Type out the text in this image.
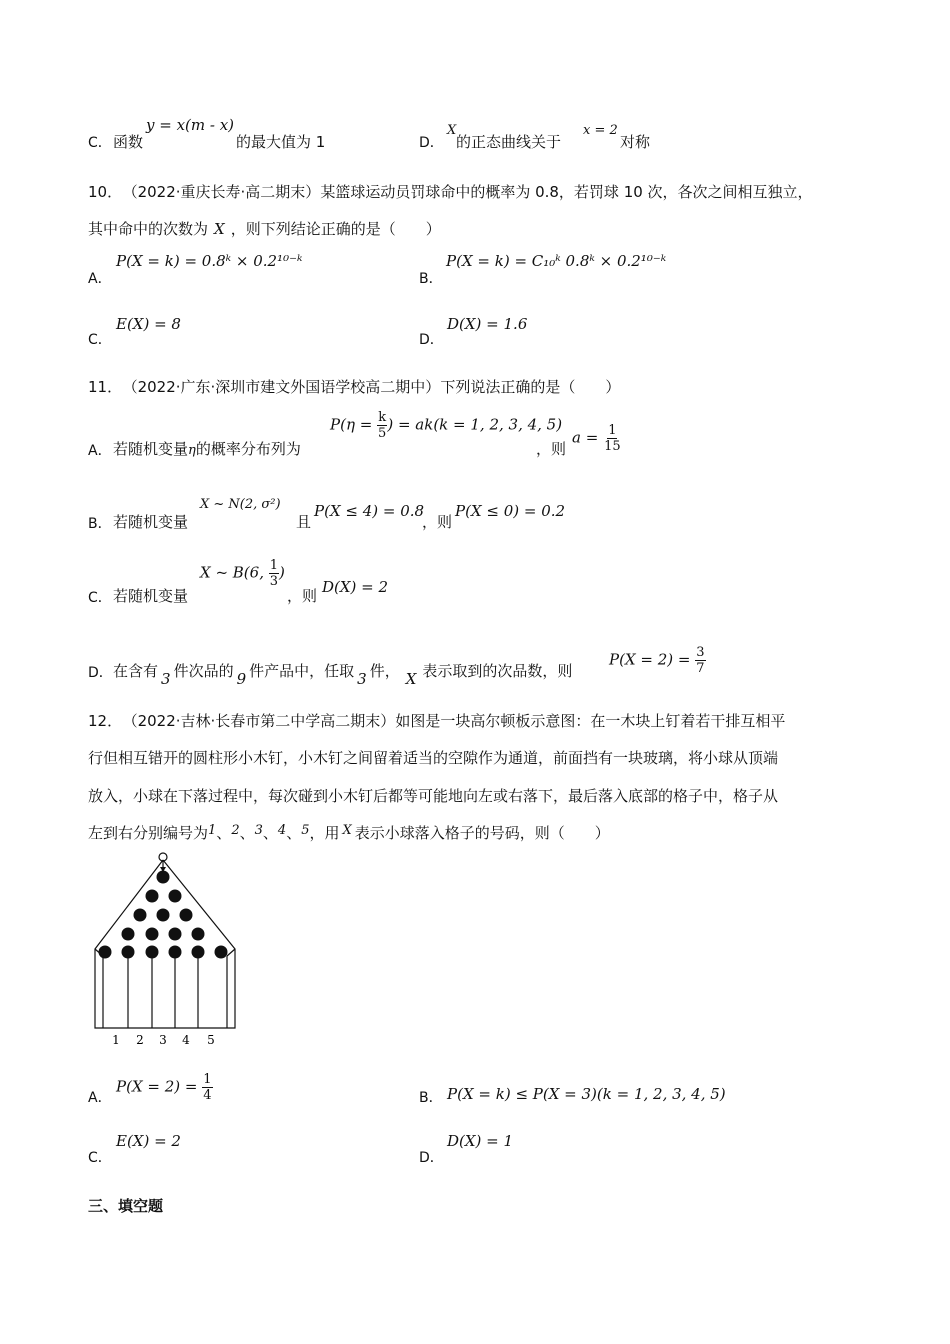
C． 函数
y = x(m - x)
的最大值为 1	D．
X
的正态曲线关于
x = 2
对称
10． （2022·重庆长寿·高二期末）某篮球运动员罚球命中的概率为 0.8，若罚球 10 次，各次之间相互独立，
其中命中的次数为 X ，则下列结论正确的是（　　）
A．
P(X = k) = 0.8ᵏ × 0.2¹⁰⁻ᵏ
B．
P(X = k) = C₁₀ᵏ 0.8ᵏ × 0.2¹⁰⁻ᵏ
C．
E(X) = 8
D．
D(X) = 1.6
11． （2022·广东·深圳市建文外国语学校高二期中）下列说法正确的是（　　）
A． 若随机变量η的概率分布列为
$P(\eta = \frac{k}{5}$ ) = ak(k = 1, 2, 3, 4, 5)
，则
$a = \frac{1}{15}$
B． 若随机变量
X ~ N(2, σ²)
且
P(X ≤ 4) = 0.8
，则
P(X ≤ 0) = 0.2
C． 若随机变量
X ~ B(6, $\frac{1}{3}$ )
，则 D(X) = 2
D． 在含有 3 件次品的 9 件产品中，任取 3 件， X 表示取到的次品数，则
$P(X = 2) = \frac{3}{7}$
12． （2022·吉林·长春市第二中学高二期末）如图是一块高尔顿板示意图：在一木块上钉着若干排互相平
行但相互错开的圆柱形小木钉，小木钉之间留着适当的空隙作为通道，前面挡有一块玻璃，将小球从顶端
放入，小球在下落过程中，每次碰到小木钉后都等可能地向左或右落下，最后落入底部的格子中，格子从
左到右分别编号为1、2、3、4、5，用 X 表示小球落入格子的号码，则（　　）
1 2 3 4 5
A．
$P(X = 2) = \frac{1}{4}$	B． P(X = k) ≤ P(X = 3)(k = 1, 2, 3, 4, 5)
C．
E(X) = 2
D．
D(X) = 1
三、填空题
